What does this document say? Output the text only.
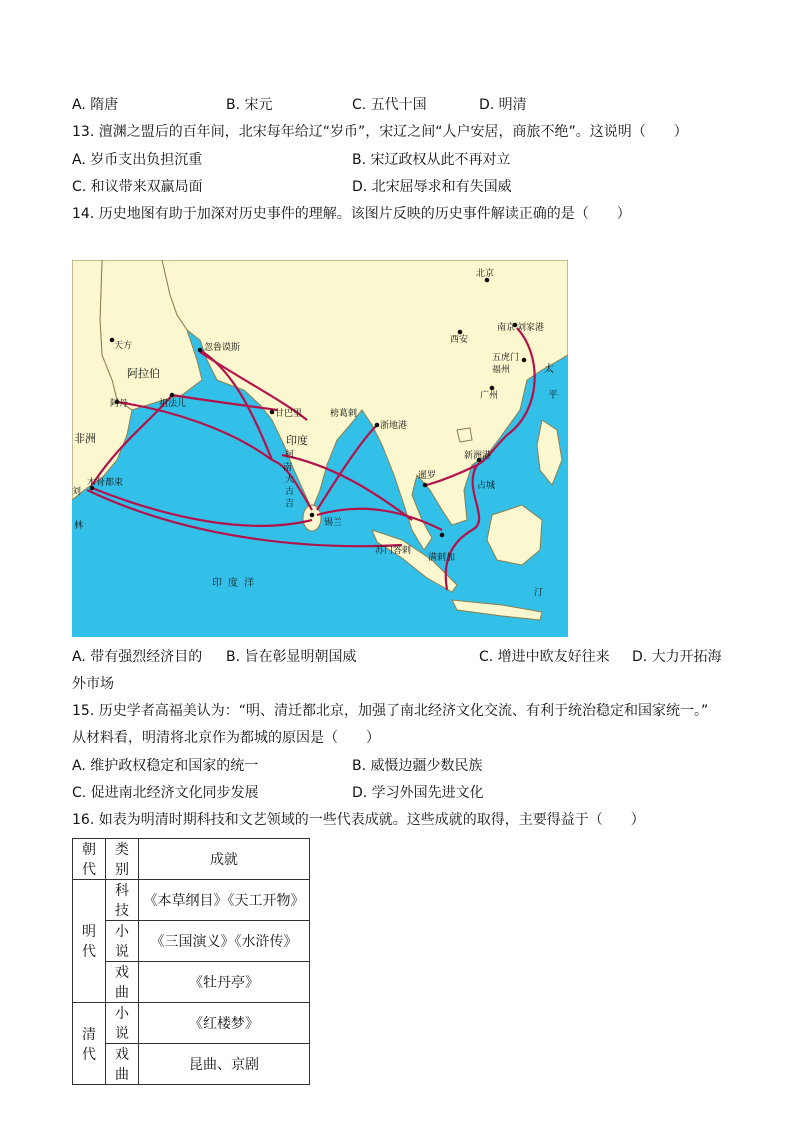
A. 隋唐	B. 宋元	C. 五代十国	D. 明清
13. 澶渊之盟后的百年间，北宋每年给辽“岁币”，宋辽之间“人户安居，商旅不绝”。这说明（　　）
A. 岁币支出负担沉重	B. 宋辽政权从此不再对立
C. 和议带来双赢局面	D. 北宋屈辱求和有失国威
14. 历史地图有助于加深对历史事件的理解。该图片反映的历史事件解读正确的是（　　）
北京
南京 刘家港
西安
五虎门
福州
广州
太
平
新洲港
占城
暹罗
榜葛剌
浙地港
天方
阿拉伯
忽鲁谟斯
阿丹	祖法儿
甘巴里
印度
非洲
木骨都束
林	锡兰
苏门答剌
满剌加
印度洋
刘
柯
大
古
吉
南
汀
A. 带有强烈经济目的 B. 旨在彰显明朝国威	C. 增进中欧友好往来 D. 大力开拓海
外市场
15. 历史学者高福美认为：“明、清迁都北京，加强了南北经济文化交流、有利于统治稳定和国家统一。”
从材料看，明清将北京作为都城的原因是（　　）
A. 维护政权稳定和国家的统一	B. 威慑边疆少数民族
C. 促进南北经济文化同步发展	D. 学习外国先进文化
16. 如表为明清时期科技和文艺领域的一些代表成就。这些成就的取得，主要得益于（　　）
朝代	类别	成就
明代	科技	《本草纲目》《天工开物》
	小说	《三国演义》《水浒传》
	戏曲	《牡丹亭》
清代	小说	《红楼梦》
	戏曲	昆曲、京剧
